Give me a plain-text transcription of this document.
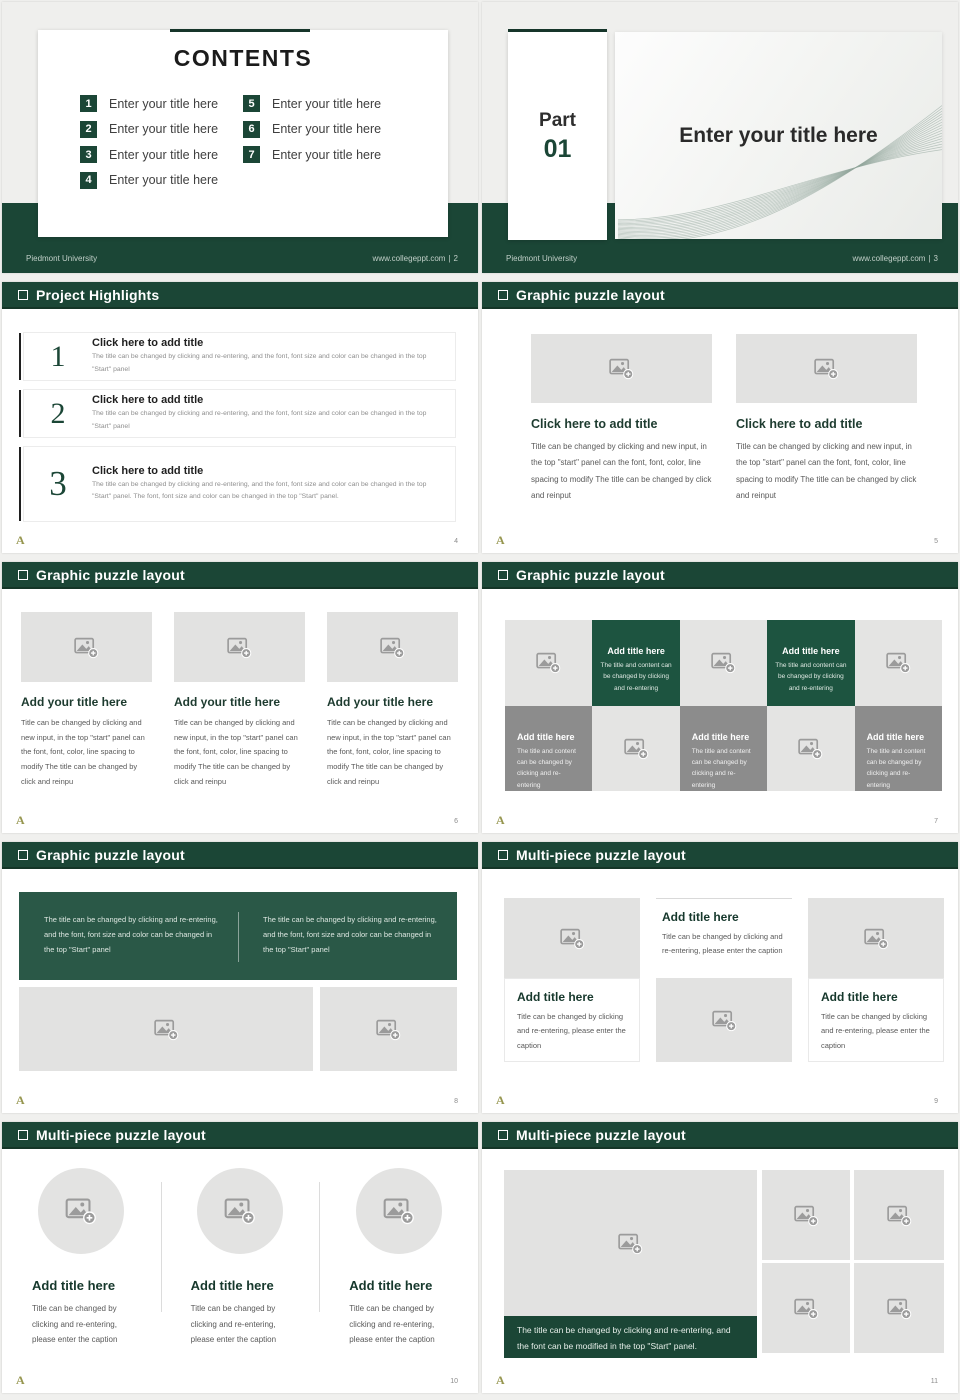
CONTENTS
1	Enter your title here
2	Enter your title here
3	Enter your title here
4	Enter your title here
5	Enter your title here
6	Enter your title here
7	Enter your title here
Piedmont University	www.collegeppt.com | 2
Part
01	Enter your title here
Piedmont University	www.collegeppt.com | 3
Project Highlights
1	Click here to add title
The title can be changed by clicking and re-entering, and the font, font size and color can be changed in the top "Start" panel
2	Click here to add title
The title can be changed by clicking and re-entering, and the font, font size and color can be changed in the top "Start" panel
3	Click here to add title
The title can be changed by clicking and re-entering, and the font, font size and color can be changed in the top "Start" panel. The font, font size and color can be changed in the top "Start" panel.
A	4
Graphic puzzle layout
Click here to add title

Title can be changed by clicking and new input, in the top "start" panel can the font, font, color, line spacing to modify The title can be changed by click and reinput

Click here to add title

Title can be changed by clicking and new input, in the top "start" panel can the font, font, color, line spacing to modify The title can be changed by click and reinput

A	5
Graphic puzzle layout
Add your title here

Title can be changed by clicking and new input, in the top "start" panel can the font, font, color, line spacing to modify The title can be changed by click and reinpu

Add your title here

Title can be changed by clicking and new input, in the top "start" panel can the font, font, color, line spacing to modify The title can be changed by click and reinpu

Add your title here

Title can be changed by clicking and new input, in the top "start" panel can the font, font, color, line spacing to modify The title can be changed by click and reinpu

A	6
Graphic puzzle layout
Add title here

The title and content can be changed by clicking and re-entering

Add title here

The title and content can be changed by clicking and re-entering

Add title here

The title and content can be changed by clicking and re-entering

Add title here

The title and content can be changed by clicking and re-entering

Add title here

The title and content can be changed by clicking and re-entering

A	7
Graphic puzzle layout
The title can be changed by clicking and re-entering, and the font, font size and color can be changed in the top "Start" panel
The title can be changed by clicking and re-entering, and the font, font size and color can be changed in the top "Start" panel
A	8
Multi-piece puzzle layout
Add title here

Title can be changed by clicking and re-entering, please enter the caption

Add title here

Title can be changed by clicking and re-entering, please enter the caption

Add title here

Title can be changed by clicking and re-entering, please enter the caption

A	9
Multi-piece puzzle layout
Add title here

Title can be changed by clicking and re-entering, please enter the caption

Add title here

Title can be changed by clicking and re-entering, please enter the caption

Add title here

Title can be changed by clicking and re-entering, please enter the caption

A	10
Multi-piece puzzle layout
The title can be changed by clicking and re-entering, and the font can be modified in the top "Start" panel.
A	11
